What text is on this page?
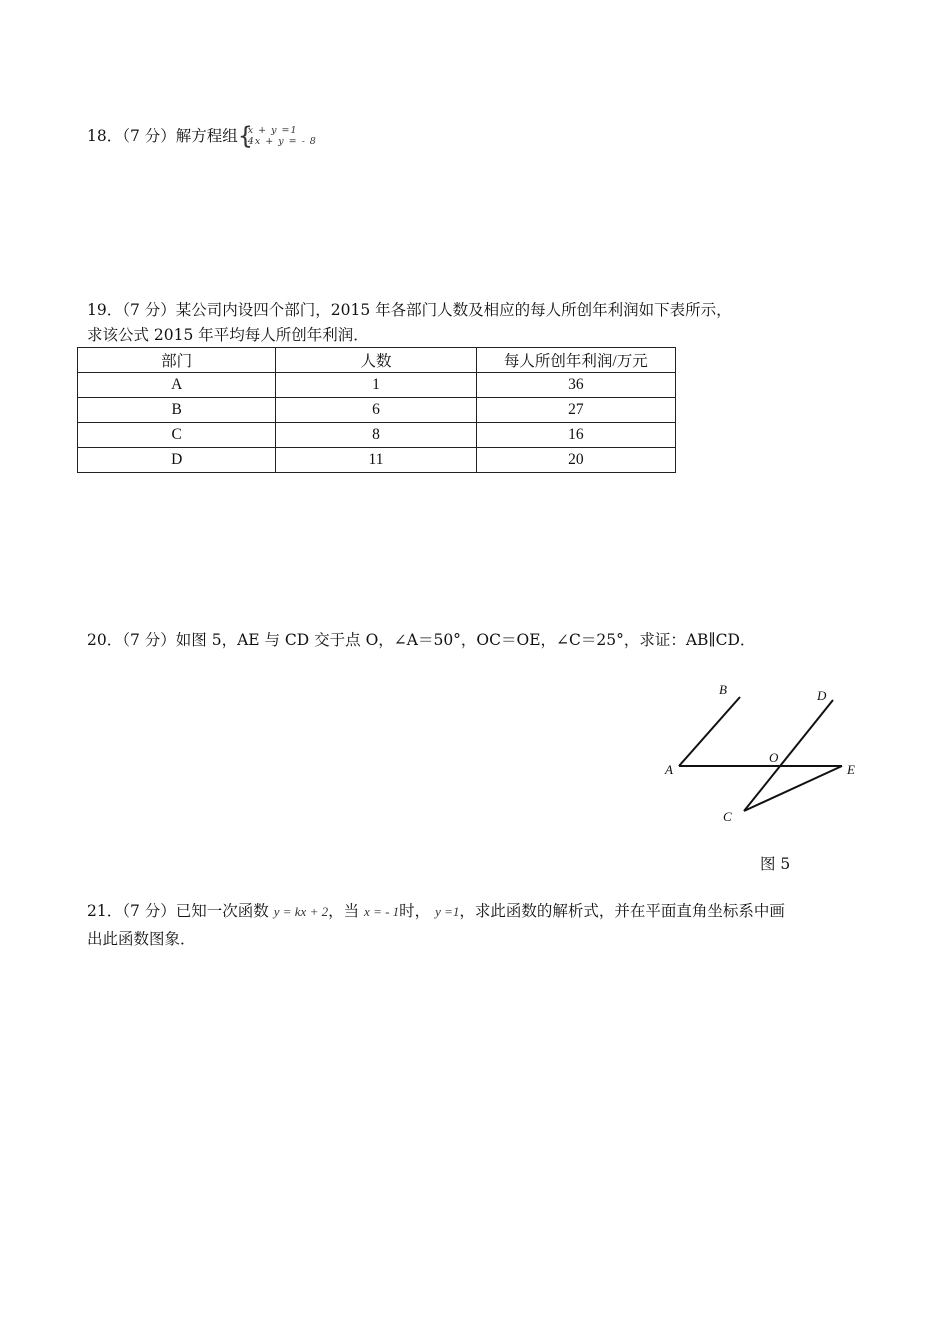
18．（7 分）解方程组 {
x + y =1
4x + y = - 8
19．（7 分）某公司内设四个部门，2015 年各部门人数及相应的每人所创年利润如下表所示，
求该公式 2015 年平均每人所创年利润．
部门	人数	每人所创年利润/万元
A	1	36
B	6	27
C	8	16
D	11	20
20．（7 分）如图 5，AE 与 CD 交于点 O，∠A＝50°，OC＝OE，∠C＝25°，求证：AB∥CD．
B	D
O
A	E
C
图 5
21．（7 分）已知一次函数 y = kx + 2，当 x = - 1时， y =1，求此函数的解析式，并在平面直角坐标系中画
出此函数图象．
